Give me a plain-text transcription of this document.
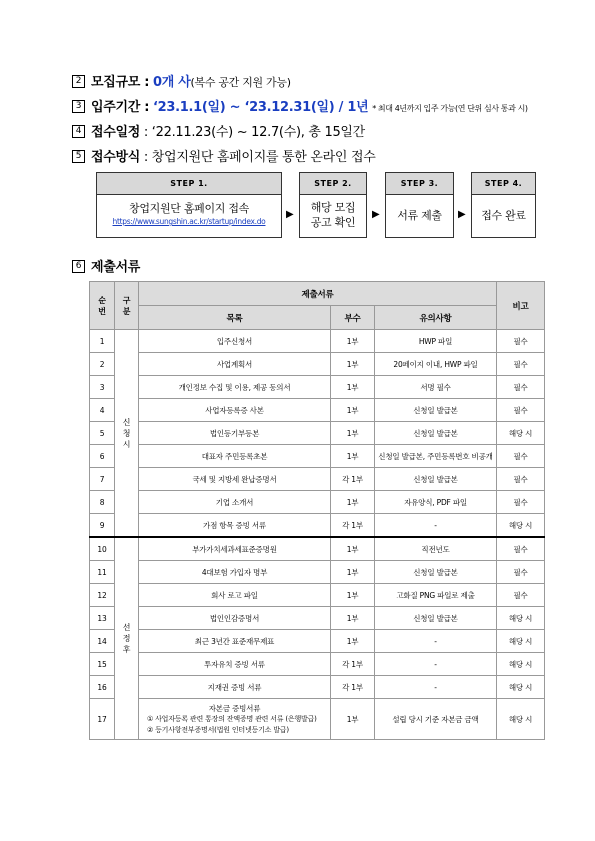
2 모집규모 : 0개 사(복수 공간 지원 가능)
3 입주기간 : ‘23.1.1(일) ~ ‘23.12.31(일) / 1년 * 최대 4년까지 입주 가능(연 단위 심사 통과 시)
4 접수일정 : ‘22.11.23(수) ~ 12.7(수), 총 15일간
5 접수방식 : 창업지원단 홈페이지를 통한 온라인 접수
STEP 1.
창업지원단 홈페이지 접속
https://www.sungshin.ac.kr/startup/index.do
▶
STEP 2.
해당 모집
공고 확인
▶
STEP 3.
서류 제출	▶
STEP 4.
접수 완료
6 제출서류
순
번	구
분	제출서류			비고
		목록	부수	유의사항	
1	신
청
시	입주신청서	1부	HWP 파일	필수
2		사업계획서	1부	20페이지 이내, HWP 파일	필수
3		개인정보 수집 및 이용, 제공 동의서	1부	서명 필수	필수
4		사업자등록증 사본	1부	신청일 발급본	필수
5		법인등기부등본	1부	신청일 발급본	해당 시
6		대표자 주민등록초본	1부	신청일 발급본, 주민등록번호 비공개	필수
7		국세 및 지방세 완납증명서	각 1부	신청일 발급본	필수
8		기업 소개서	1부	자유양식, PDF 파일	필수
9		가점 항목 증빙 서류	각 1부	-	해당 시
10	선
정
후	부가가치세과세표준증명원	1부	직전년도	필수
11		4대보험 가입자 명부	1부	신청일 발급본	필수
12		회사 로고 파일	1부	고화질 PNG 파일로 제출	필수
13		법인인감증명서	1부	신청일 발급본	해당 시
14		최근 3년간 표준재무제표	1부	-	해당 시
15		투자유치 증빙 서류	각 1부	-	해당 시
16		지재권 증빙 서류	각 1부	-	해당 시
17		자본금 증빙서류
① 사업자등록 관련 통장의 잔액증명 관련 서류 (은행발급)
② 등기사항전부증명서(법원 인터넷등기소 발급)	1부	설립 당시 기준 자본금 금액	해당 시
